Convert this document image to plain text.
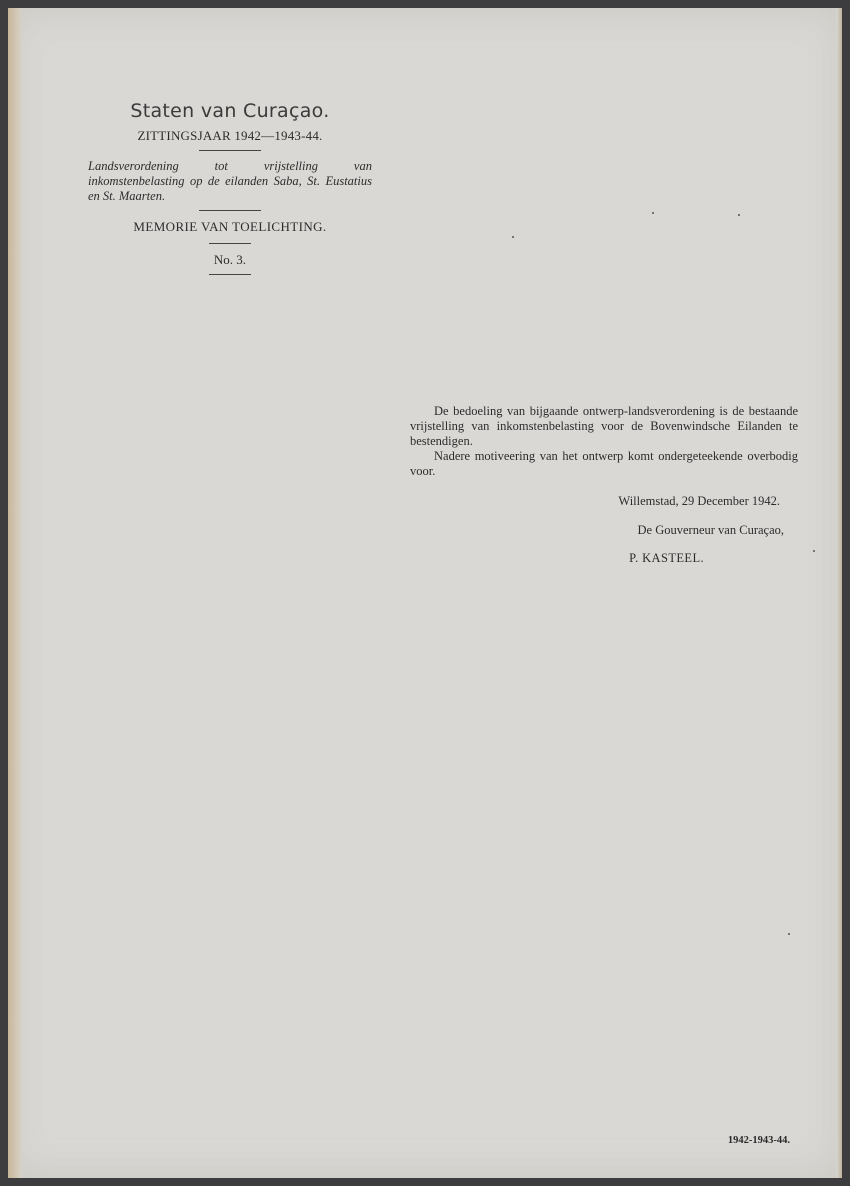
Staten van Curaçao.
ZITTINGSJAAR 1942—1943-44.
Landsverordening tot vrijstelling van inkomstenbelasting op de eilanden Saba, St. Eustatius en St. Maarten.
MEMORIE VAN TOELICHTING.
No. 3.

De bedoeling van bijgaande ontwerp-landsverordening is de bestaande vrijstelling van inkomstenbelasting voor de Bovenwindsche Eilanden te bestendigen.

Nadere motiveering van het ontwerp komt ondergeteekende overbodig voor.

Willemstad, 29 December 1942.
De Gouverneur van Curaçao,
P. KASTEEL.
1942-1943-44.
